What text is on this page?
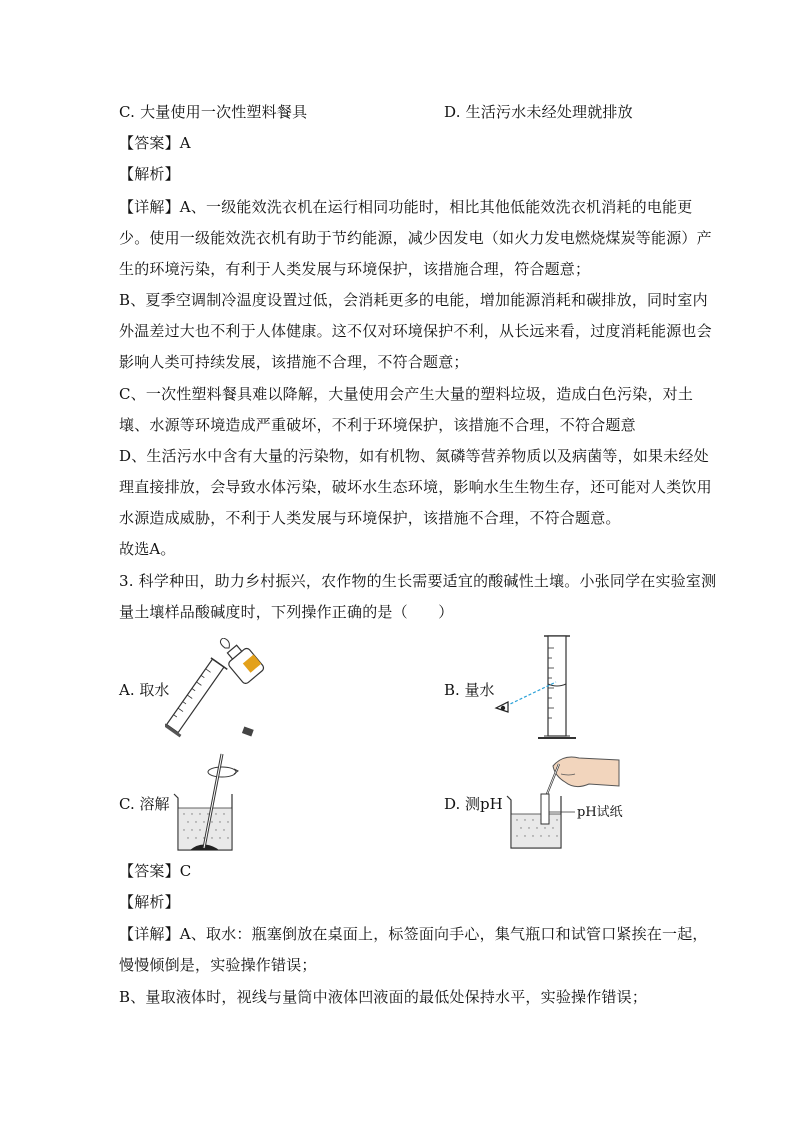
C. 大量使用一次性塑料餐具	D. 生活污水未经处理就排放
【答案】A
【解析】
【详解】A、一级能效洗衣机在运行相同功能时，相比其他低能效洗衣机消耗的电能更
少。使用一级能效洗衣机有助于节约能源，减少因发电（如火力发电燃烧煤炭等能源）产
生的环境污染，有利于人类发展与环境保护，该措施合理，符合题意；
B、夏季空调制冷温度设置过低，会消耗更多的电能，增加能源消耗和碳排放，同时室内
外温差过大也不利于人体健康。这不仅对环境保护不利，从长远来看，过度消耗能源也会
影响人类可持续发展，该措施不合理，不符合题意；
C、一次性塑料餐具难以降解，大量使用会产生大量的塑料垃圾，造成白色污染，对土
壤、水源等环境造成严重破坏，不利于环境保护，该措施不合理，不符合题意
D、生活污水中含有大量的污染物，如有机物、氮磷等营养物质以及病菌等，如果未经处
理直接排放，会导致水体污染，破坏水生态环境，影响水生生物生存，还可能对人类饮用
水源造成威胁，不利于人类发展与环境保护，该措施不合理，不符合题意。
故选A。
3. 科学种田，助力乡村振兴，农作物的生长需要适宜的酸碱性土壤。小张同学在实验室测
量土壤样品酸碱度时，下列操作正确的是（　　）
A. 取水	B. 量水
C. 溶解	D. 测pH	pH试纸
【答案】C
【解析】
【详解】A、取水：瓶塞倒放在桌面上，标签面向手心，集气瓶口和试管口紧挨在一起，
慢慢倾倒是，实验操作错误；
B、量取液体时，视线与量筒中液体凹液面的最低处保持水平，实验操作错误；
